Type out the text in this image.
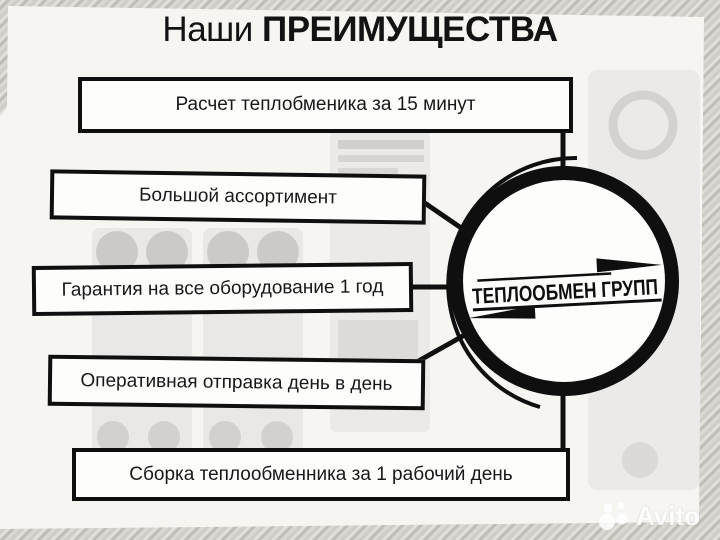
ТЕПЛООБМЕН ГРУПП
Наши ПРЕИМУЩЕСТВА
Расчет теплобменика за 15 минут
Большой ассортимент
Гарантия на все оборудование 1 год
Оперативная отправка день в день
Сборка теплообменника за 1 рабочий день
Avito
